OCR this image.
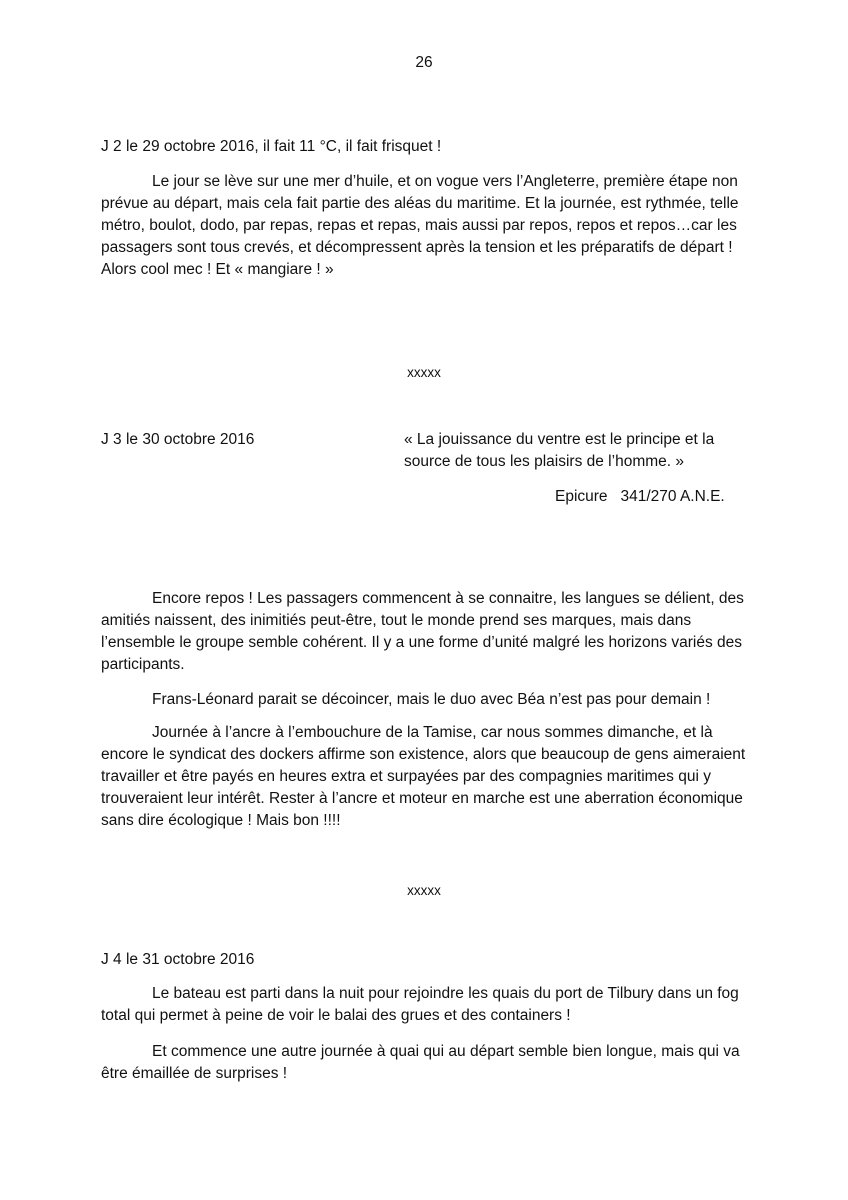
26

J 2 le 29 octobre 2016, il fait 11 °C, il fait frisquet !

Le jour se lève sur une mer d’huile, et on vogue vers l’Angleterre, première étape non prévue au départ, mais cela fait partie des aléas du maritime. Et la journée, est rythmée, telle métro, boulot, dodo, par repas, repas et repas, mais aussi par repos, repos et repos…car les passagers sont tous crevés, et décompressent après la tension et les préparatifs de départ ! Alors cool mec ! Et « mangiare ! »

xxxxx

J 3 le 30 octobre 2016	« La jouissance du ventre est le principe et la source de tous les plaisirs de l’homme. »
Epicure   341/270 A.N.E.

Encore repos ! Les passagers commencent à se connaitre, les langues se délient, des amitiés naissent, des inimitiés peut-être, tout le monde prend ses marques, mais dans l’ensemble le groupe semble cohérent. Il y a une forme d’unité malgré les horizons variés des participants.

Frans-Léonard parait se décoincer, mais le duo avec Béa n’est pas pour demain !

Journée à l’ancre à l’embouchure de la Tamise, car nous sommes dimanche, et là encore le syndicat des dockers affirme son existence, alors que beaucoup de gens aimeraient travailler et être payés en heures extra et surpayées par des compagnies maritimes qui y trouveraient leur intérêt. Rester à l’ancre et moteur en marche est une aberration économique sans dire écologique ! Mais bon !!!!

xxxxx

J 4 le 31 octobre 2016

Le bateau est parti dans la nuit pour rejoindre les quais du port de Tilbury dans un fog total qui permet à peine de voir le balai des grues et des containers !

Et commence une autre journée à quai qui au départ semble bien longue, mais qui va être émaillée de surprises !
